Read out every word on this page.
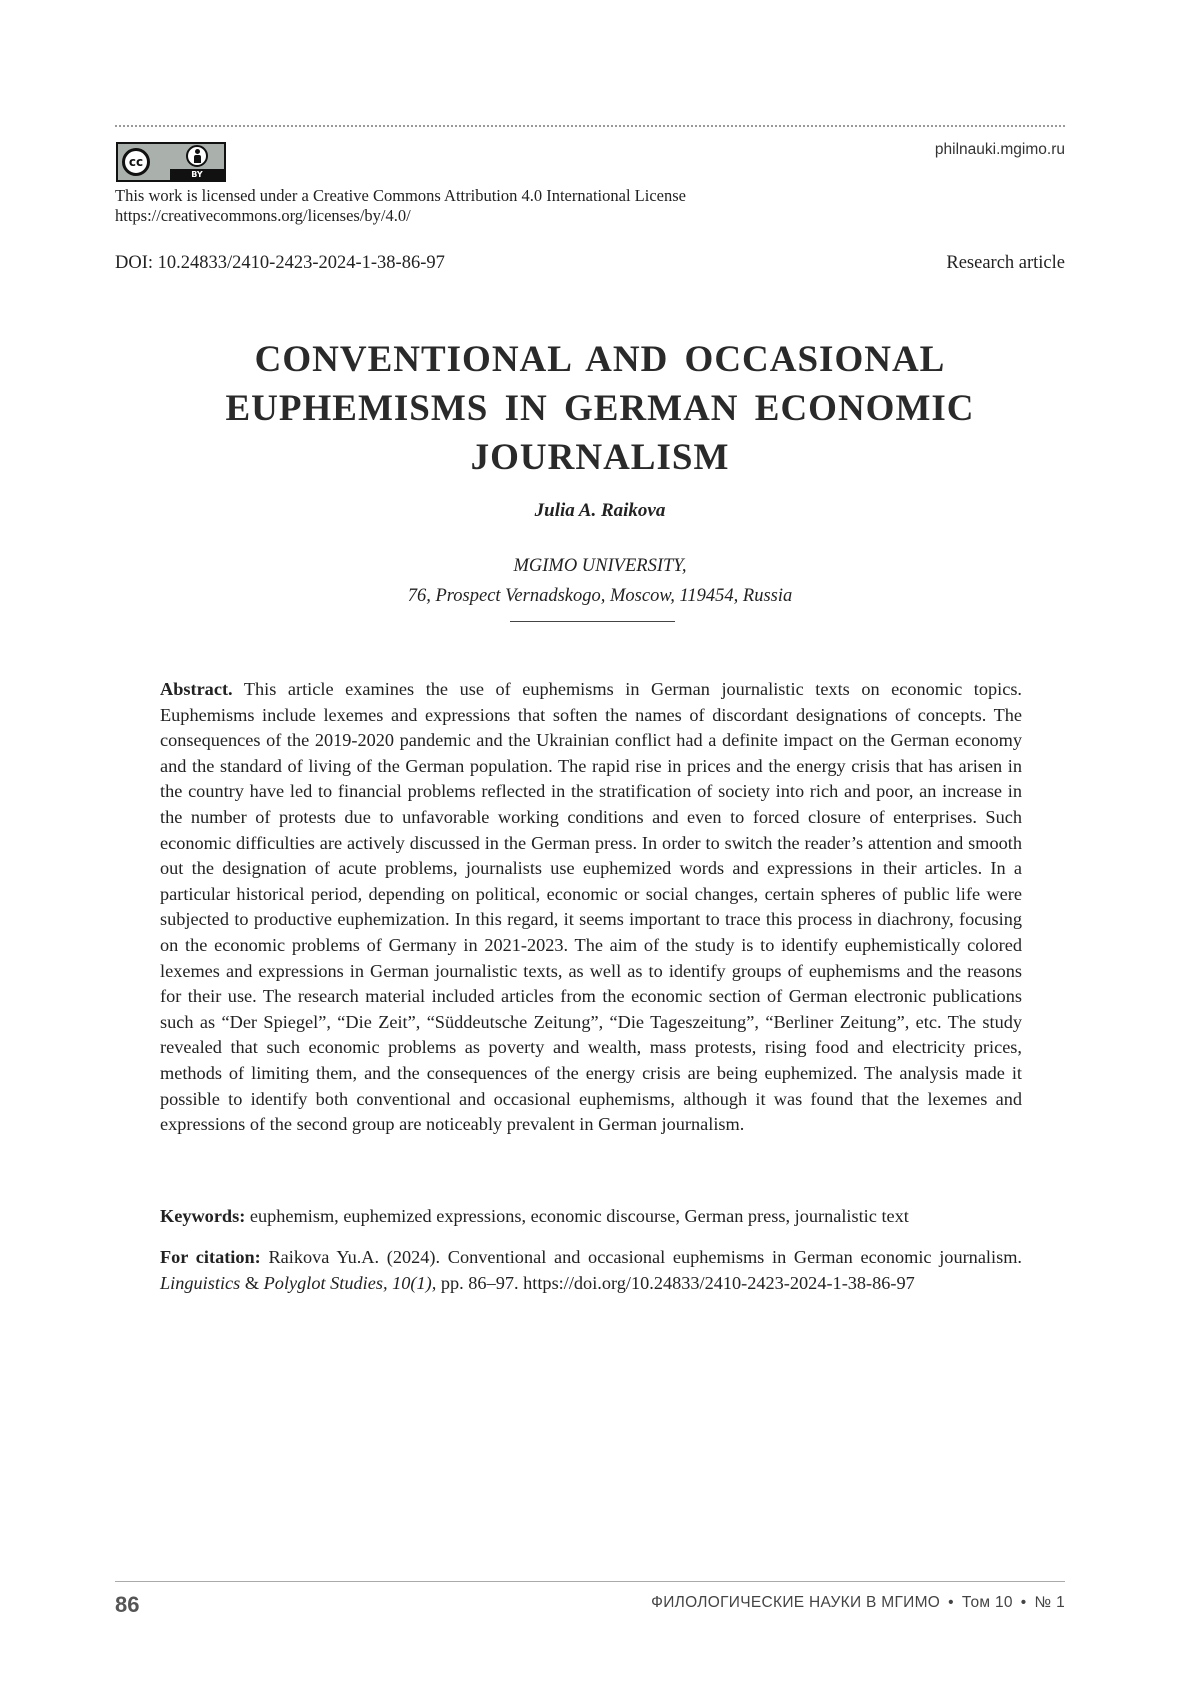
cc
BY
philnauki.mgimo.ru
This work is licensed under a Creative Commons Attribution 4.0 International License
https://creativecommons.org/licenses/by/4.0/
DOI: 10.24833/2410-2423-2024-1-38-86-97	Research article
CONVENTIONAL AND OCCASIONAL
EUPHEMISMS IN GERMAN ECONOMIC
JOURNALISM
Julia A. Raikova
MGIMO UNIVERSITY,
76, Prospect Vernadskogo, Moscow, 119454, Russia
Abstract. This article examines the use of euphemisms in German journalistic texts on economic topics. Euphemisms include lexemes and expressions that soften the names of discordant designations of concepts. The consequences of the 2019-2020 pandemic and the Ukrainian conflict had a definite impact on the German economy and the standard of living of the German population. The rapid rise in prices and the energy crisis that has arisen in the country have led to financial problems reflected in the stratification of society into rich and poor, an increase in the number of protests due to unfavorable working conditions and even to forced closure of enterprises. Such economic difficulties are actively discussed in the German press. In order to switch the reader’s attention and smooth out the designation of acute problems, journalists use euphemized words and expressions in their articles. In a particular historical period, depending on political, economic or social changes, certain spheres of public life were subjected to productive euphemization. In this regard, it seems important to trace this process in diachrony, focusing on the economic problems of Germany in 2021-2023. The aim of the study is to identify euphemistically colored lexemes and expressions in German journalistic texts, as well as to identify groups of euphemisms and the reasons for their use. The research material included articles from the economic section of German electronic publications such as “Der Spiegel”, “Die Zeit”, “Süddeutsche Zeitung”, “Die Tageszeitung”, “Berliner Zeitung”, etc. The study revealed that such economic problems as poverty and wealth, mass protests, rising food and electricity prices, methods of limiting them, and the consequences of the energy crisis are being euphemized. The analysis made it possible to identify both conventional and occasional euphemisms, although it was found that the lexemes and expressions of the second group are noticeably prevalent in German journalism.
Keywords: euphemism, euphemized expressions, economic discourse, German press, journalistic text
For citation: Raikova Yu.A. (2024). Conventional and occasional euphemisms in German economic journalism. Linguistics & Polyglot Studies, 10(1), pp. 86–97. https://doi.org/10.24833/2410-2423-2024-1-38-86-97
86	ФИЛОЛОГИЧЕСКИЕ НАУКИ В МГИМО • Том 10 • № 1
